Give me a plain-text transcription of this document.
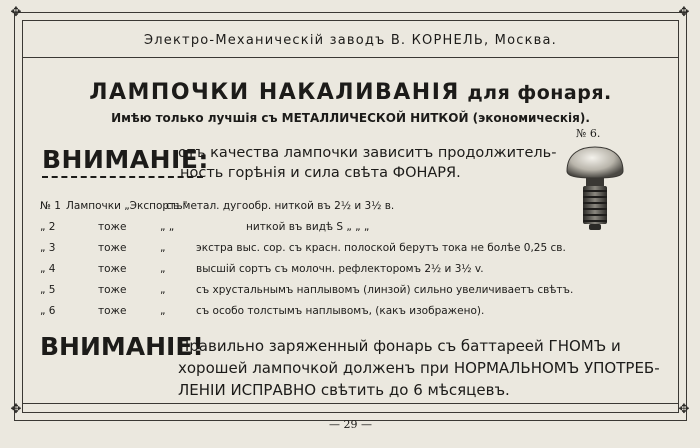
✥	✥
✥	✥
Электро-Механическій заводъ В. КОРНЕЛЬ, Москва.
ЛАМПОЧКИ НАКАЛИВАНІЯ для фонаря.
Имѣю только лучшія съ МЕТАЛЛИЧЕСКОЙ НИТКОЙ (экономическія).
ВНИМАНІЕ:
отъ качества лампочки зависитъ продолжитель-
ность горѣнія и сила свѣта ФОНАРЯ.
№ 6.
№ 1 Лампочки „Экспортъ"
съ метал. дугообр. ниткой въ 2½ и 3½ в.
„ 2	тоже	„ „	ниткой въ видѣ S „ „ „
„ 3	тоже	„	экстра выс. сор. съ красн. полоской берутъ тока не болѣе 0,25 св.
„ 4	тоже	„	высшій сортъ съ молочн. рефлекторомъ 2½ и 3½ v.
„ 5	тоже	„	съ хрустальнымъ наплывомъ (линзой) сильно увеличиваетъ свѣтъ.
„ 6	тоже	„	съ особо толстымъ наплывомъ, (какъ изображено).
ВНИМАНІЕ!
Правильно заряженный фонарь съ баттареей ГНОМЪ и
хорошей лампочкой долженъ при НОРМАЛЬНОМЪ УПОТРЕБ-
ЛЕНІИ ИСПРАВНО свѣтить до 6 мѣсяцевъ.
— 29 —
